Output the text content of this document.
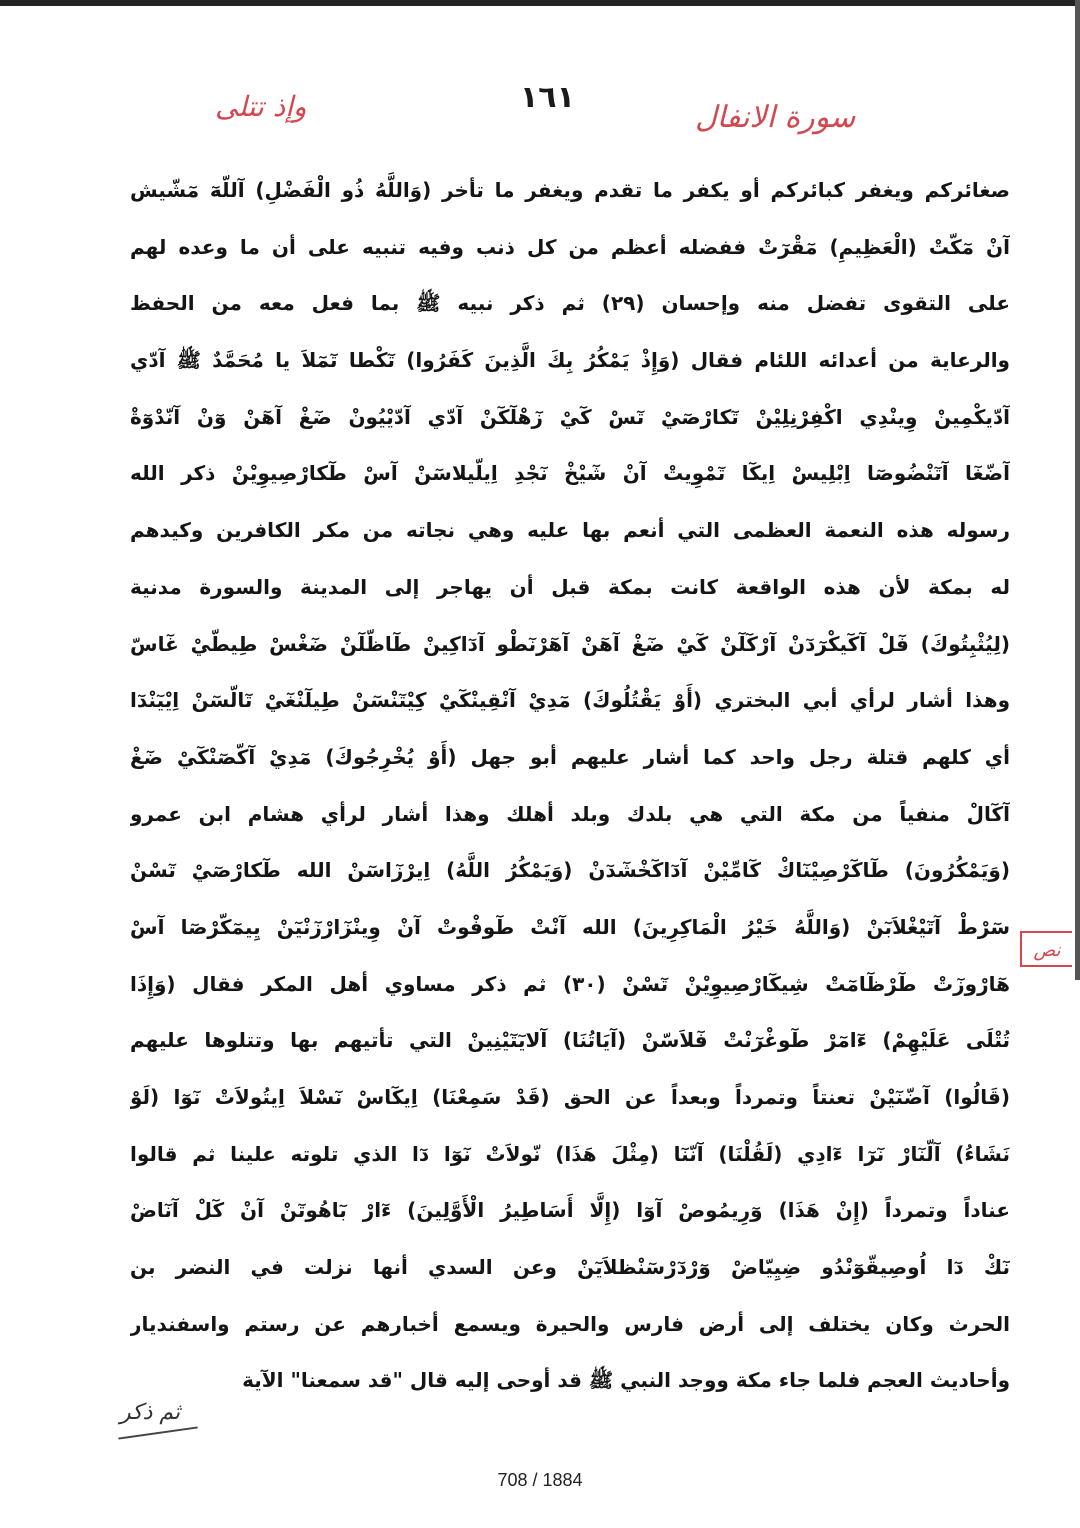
وإذ تتلى	١٦١
سورة الانفال
صغائركم ويغفر كبائركم أو يكفر ما تقدم ويغفر ما تأخر (وَاللَّهُ ذُو الْفَضْلِ) آللّهٓ مٓشّيش
آنْ مٓكّتْ (الْعَظِيمِ) مٓقْرٓتْ ففضله أعظم من كل ذنب وفيه تنبيه على أن ما وعده لهم
على التقوى تفضل منه وإحسان (٢٩) ثم ذكر نبيه ﷺ بما فعل معه من الحفظ
والرعاية من أعدائه اللئام فقال (وَإِذْ يَمْكُرُ بِكَ الَّذِينَ كَفَرُوا) تٓكْطا تٓمٓلاَ يا مُحَمَّدٌ ﷺ آدّي
آدّيكْمِينْ وِينْدِي اكْفِرْنِلِيْنْ تٓكارْصٓيْ تٓسْ كٓيْ زٓهْلٓكٓنْ آدّي آدّيْيُونْ ضٓغْ آهٓنْ وٓنْ آنّدْوٓةْ
آضّغٓا آتٓنْضُوصٓا اِبْلِيسْ اِيكٓا تٓمْوِيتْ آنْ شٓيْخْ نٓجْدِ اِيلّيلاسٓنْ آسْ طٓكارْصِيوِيْنْ ذكر الله
رسوله هذه النعمة العظمى التي أنعم بها عليه وهي نجاته من مكر الكافرين وكيدهم
له بمكة لأن هذه الواقعة كانت بمكة قبل أن يهاجر إلى المدينة والسورة مدنية
(لِيُثْبِتُوكَ) فٓلْ آكٓيكْرٓدٓنْ آرْكٓلٓنْ كٓيْ ضٓغْ آهٓنْ آهٓرْنٓطْو آدٓاكِينْ طٓاظّلٓنْ ضٓغْسْ طِيطّيْ غٓاسّ
وهذا أشار لرأي أبي البختري (أَوْ يَقْتُلُوكَ) مٓدِيْ آنْقِينْكٓيْ كِيْتٓنْسٓنْ طِيلٓنْغٓيْ تٓالّسٓنْ اِيْيٓنْدٓا
أي كلهم قتلة رجل واحد كما أشار عليهم أبو جهل (أَوْ يُخْرِجُوكَ) مٓدِيْ آكّصٓنْكٓيْ ضٓغْ
آكٓالْ منفياً من مكة التي هي بلدك وبلد أهلك وهذا أشار لرأي هشام ابن عمرو
(وَيَمْكُرُونَ) طٓاكٓرْصِيْنٓاكْ كٓامِّيْنْ آدٓاكٓخْشٓدٓنْ (وَيَمْكُرُ اللَّهُ) اِيرْزٓاسٓنْ الله طٓكارْصٓيْ تٓسْنْ
سٓرْطْ آتٓيْغْلاَبٓنْ (وَاللَّهُ خَيْرُ الْمَاكِرِينَ) الله آنْتْ طٓوفْوتْ آنْ وِينْزٓارْزٓنْيٓنْ يِيمٓكّرْصٓا آسْ
هٓارْوزٓتْ طٓرْظٓامٓتْ شِيكٓارْصِيوِيْنْ تٓسْنْ (٣٠) ثم ذكر مساوي أهل المكر فقال (وَإِذَا
تُتْلَى عَلَيْهِمْ) ءٓامٓرْ طٓوغْرٓنْتْ فٓلاَسّنْ (آيَاتُنَا) آلايٓتٓيْنِينْ التي تأتيهم بها وتتلوها عليهم
(قَالُوا) آضّنٓيْنْ تعنتاً وتمرداً وبعداً عن الحق (قَدْ سَمِعْنَا) اِيكٓاسْ نٓسْلاَ اِيتُولاَتْ نٓوٓا (لَوْ
نَشَاءُ) آلّنٓارْ نٓرٓا ءٓادِي (لَقُلْنَا) آنّنٓا (مِثْلَ هَذَا) نّولاَتْ نٓوٓا دٓا الذي تلوته علينا ثم قالوا
عناداً وتمرداً (إِنْ هَذَا) وٓرِيمُوصْ آوٓا (إِلَّا أَسَاطِيرُ الْأَوَّلِينَ) ءٓارْ بٓاهُوتٓنْ آنْ كٓلْ آنٓاضْ
نٓكْ دٓا اُوصِيقّوٓنْدُو ضِيِيّاضْ وٓرْدٓرْسٓنْظلاَيٓنْ وعن السدي أنها نزلت في النضر بن
الحرث وكان يختلف إلى أرض فارس والحيرة ويسمع أخبارهم عن رستم واسفنديار
وأحاديث العجم فلما جاء مكة ووجد النبي ﷺ قد أوحى إليه قال "قد سمعنا" الآية
نص
ثم ذكر
708 / 1884
